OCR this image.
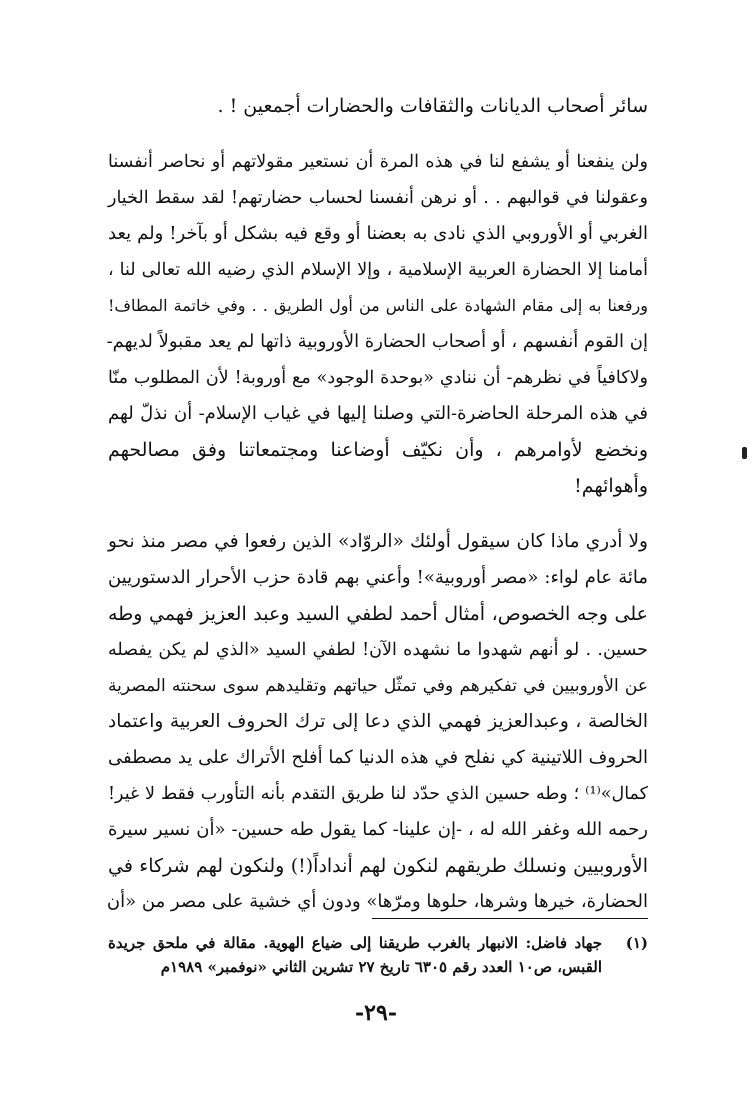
سائر أصحاب الديانات والثقافات والحضارات أجمعين ! .
ولن ينفعنا أو يشفع لنا في هذه المرة أن نستعير مقولاتهم أو نحاصر أنفسنا
وعقولنا في قوالبهم . . أو نرهن أنفسنا لحساب حضارتهم! لقد سقط الخيار
الغربي أو الأوروبي الذي نادى به بعضنا أو وقع فيه بشكل أو بآخر! ولم يعد
أمامنا إلا الحضارة العربية الإسلامية ، وإلا الإسلام الذي رضيه الله تعالى لنا ،
ورفعنا به إلى مقام الشهادة على الناس من أول الطريق . . وفي خاتمة المطاف!
إن القوم أنفسهم ، أو أصحاب الحضارة الأوروبية ذاتها لم يعد مقبولاً لديهم-
ولاكافياً في نظرهم- أن ننادي «بوحدة الوجود» مع أوروبة! لأن المطلوب منّا
في هذه المرحلة الحاضرة-التي وصلنا إليها في غياب الإسلام- أن نذلّ لهم
ونخضع لأوامرهم ، وأن نكيّف أوضاعنا ومجتمعاتنا وفق مصالحهم
وأهوائهم!
ولا أدري ماذا كان سيقول أولئك «الروّاد» الذين رفعوا في مصر منذ نحو
مائة عام لواء: «مصر أوروبية»! وأعني بهم قادة حزب الأحرار الدستوريين
على وجه الخصوص، أمثال أحمد لطفي السيد وعبد العزيز فهمي وطه
حسين. . لو أنهم شهدوا ما نشهده الآن! لطفي السيد «الذي لم يكن يفصله
عن الأوروبيين في تفكيرهم وفي تمثّل حياتهم وتقليدهم سوى سحنته المصرية
الخالصة ، وعبدالعزيز فهمي الذي دعا إلى ترك الحروف العربية واعتماد
الحروف اللاتينية كي نفلح في هذه الدنيا كما أفلح الأتراك على يد مصطفى
كمال»⁽¹⁾ ؛ وطه حسين الذي حدّد لنا طريق التقدم بأنه التأورب فقط لا غير!
رحمه الله وغفر الله له ، -إن علينا- كما يقول طه حسين- «أن نسير سيرة
الأوروبيين ونسلك طريقهم لنكون لهم أنداداً(!) ولنكون لهم شركاء في
الحضارة، خيرها وشرها، حلوها ومرّها» ودون أي خشية على مصر من «أن
(١)
جهاد فاضل: الانبهار بالغرب طريقنا إلى ضياع الهوية. مقالة في ملحق جريدة
القبس، ص١٠ العدد رقم ٦٣٠٥ تاريخ ٢٧ تشرين الثاني «نوفمبر» ١٩٨٩م
-٢٩-
